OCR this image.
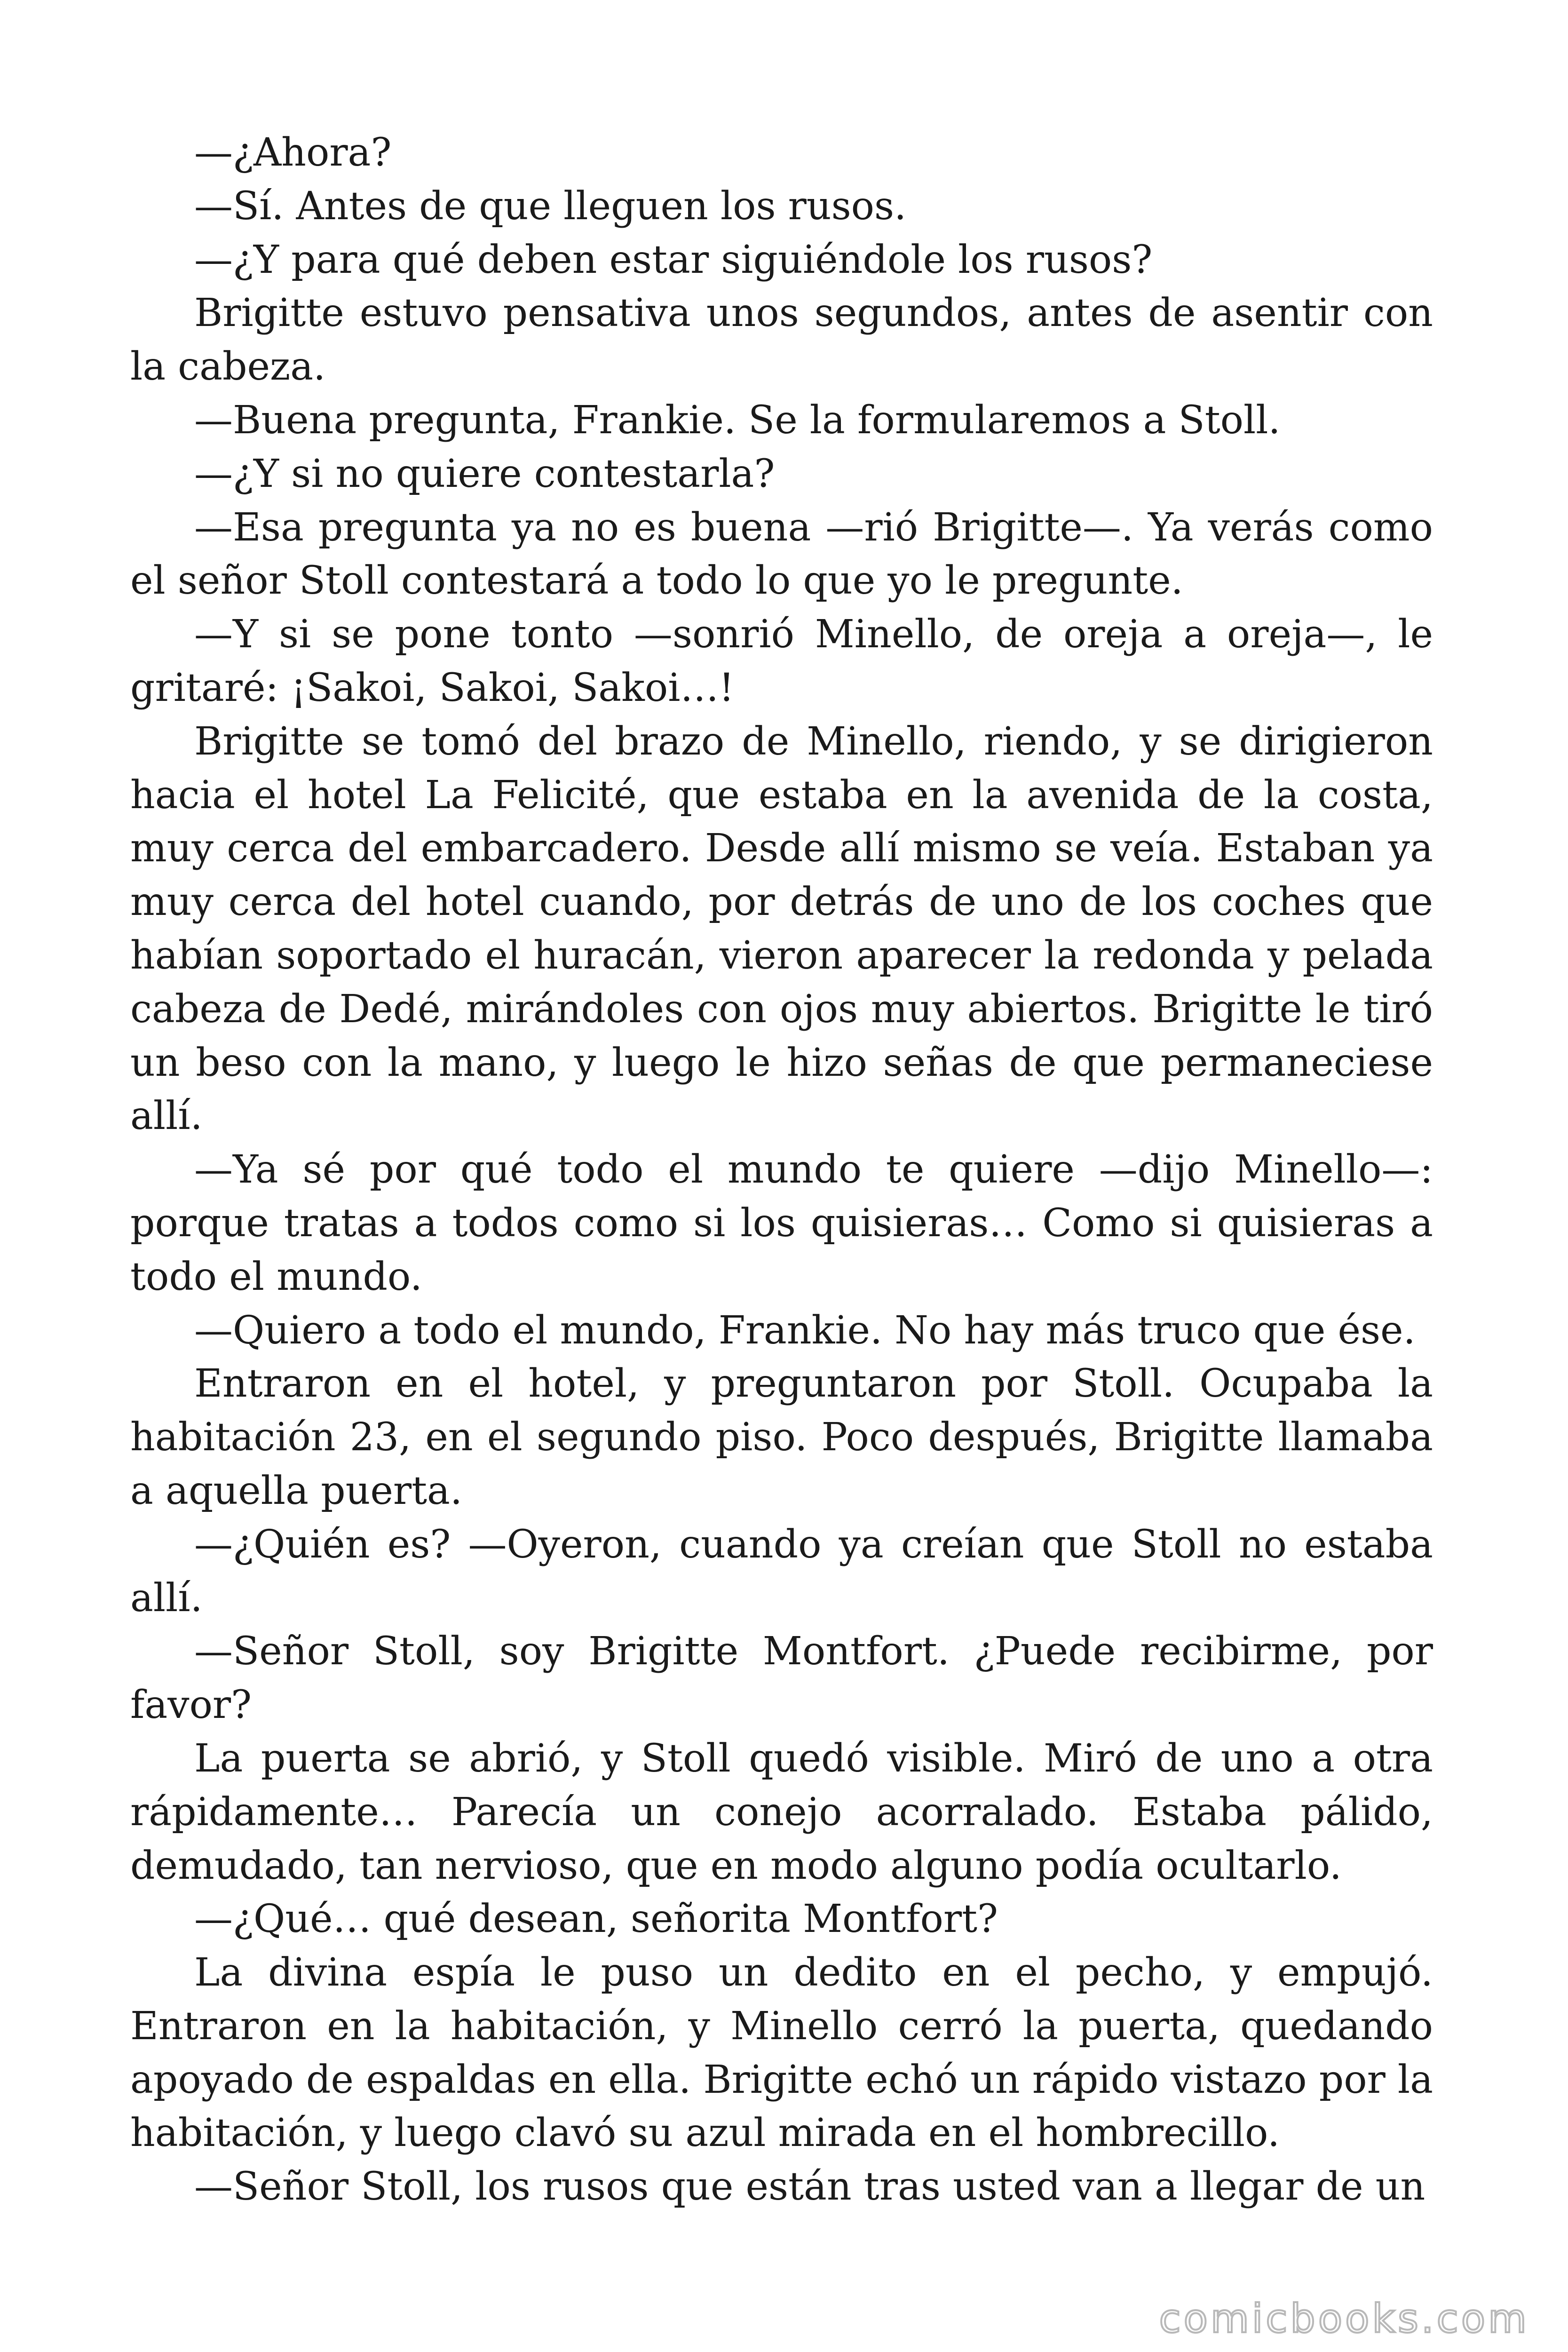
—¿Ahora?

—Sí. Antes de que lleguen los rusos.

—¿Y para qué deben estar siguiéndole los rusos?

Brigitte estuvo pensativa unos segundos, antes de asentir con la cabeza.

—Buena pregunta, Frankie. Se la formularemos a Stoll.

—¿Y si no quiere contestarla?

—Esa pregunta ya no es buena —rió Brigitte—. Ya verás como el señor Stoll contestará a todo lo que yo le pregunte.

—Y si se pone tonto —sonrió Minello, de oreja a oreja—, le gritaré: ¡Sakoi, Sakoi, Sakoi…!

Brigitte se tomó del brazo de Minello, riendo, y se dirigieron hacia el hotel La Felicité, que estaba en la avenida de la costa, muy cerca del embarcadero. Desde allí mismo se veía. Estaban ya muy cerca del hotel cuando, por detrás de uno de los coches que habían soportado el huracán, vieron aparecer la redonda y pelada cabeza de Dedé, mirándoles con ojos muy abiertos. Brigitte le tiró un beso con la mano, y luego le hizo señas de que permaneciese allí.

—Ya sé por qué todo el mundo te quiere —dijo Minello—: porque tratas a todos como si los quisieras… Como si quisieras a todo el mundo.

—Quiero a todo el mundo, Frankie. No hay más truco que ése.

Entraron en el hotel, y preguntaron por Stoll. Ocupaba la habitación 23, en el segundo piso. Poco después, Brigitte llamaba a aquella puerta.

—¿Quién es? —Oyeron, cuando ya creían que Stoll no estaba allí.

—Señor Stoll, soy Brigitte Montfort. ¿Puede recibirme, por favor?

La puerta se abrió, y Stoll quedó visible. Miró de uno a otra rápidamente… Parecía un conejo acorralado. Estaba pálido, demudado, tan nervioso, que en modo alguno podía ocultarlo.

—¿Qué… qué desean, señorita Montfort?

La divina espía le puso un dedito en el pecho, y empujó. Entraron en la habitación, y Minello cerró la puerta, quedando apoyado de espaldas en ella. Brigitte echó un rápido vistazo por la habitación, y luego clavó su azul mirada en el hombrecillo.

—Señor Stoll, los rusos que están tras usted van a llegar de un

comicbooks.com
